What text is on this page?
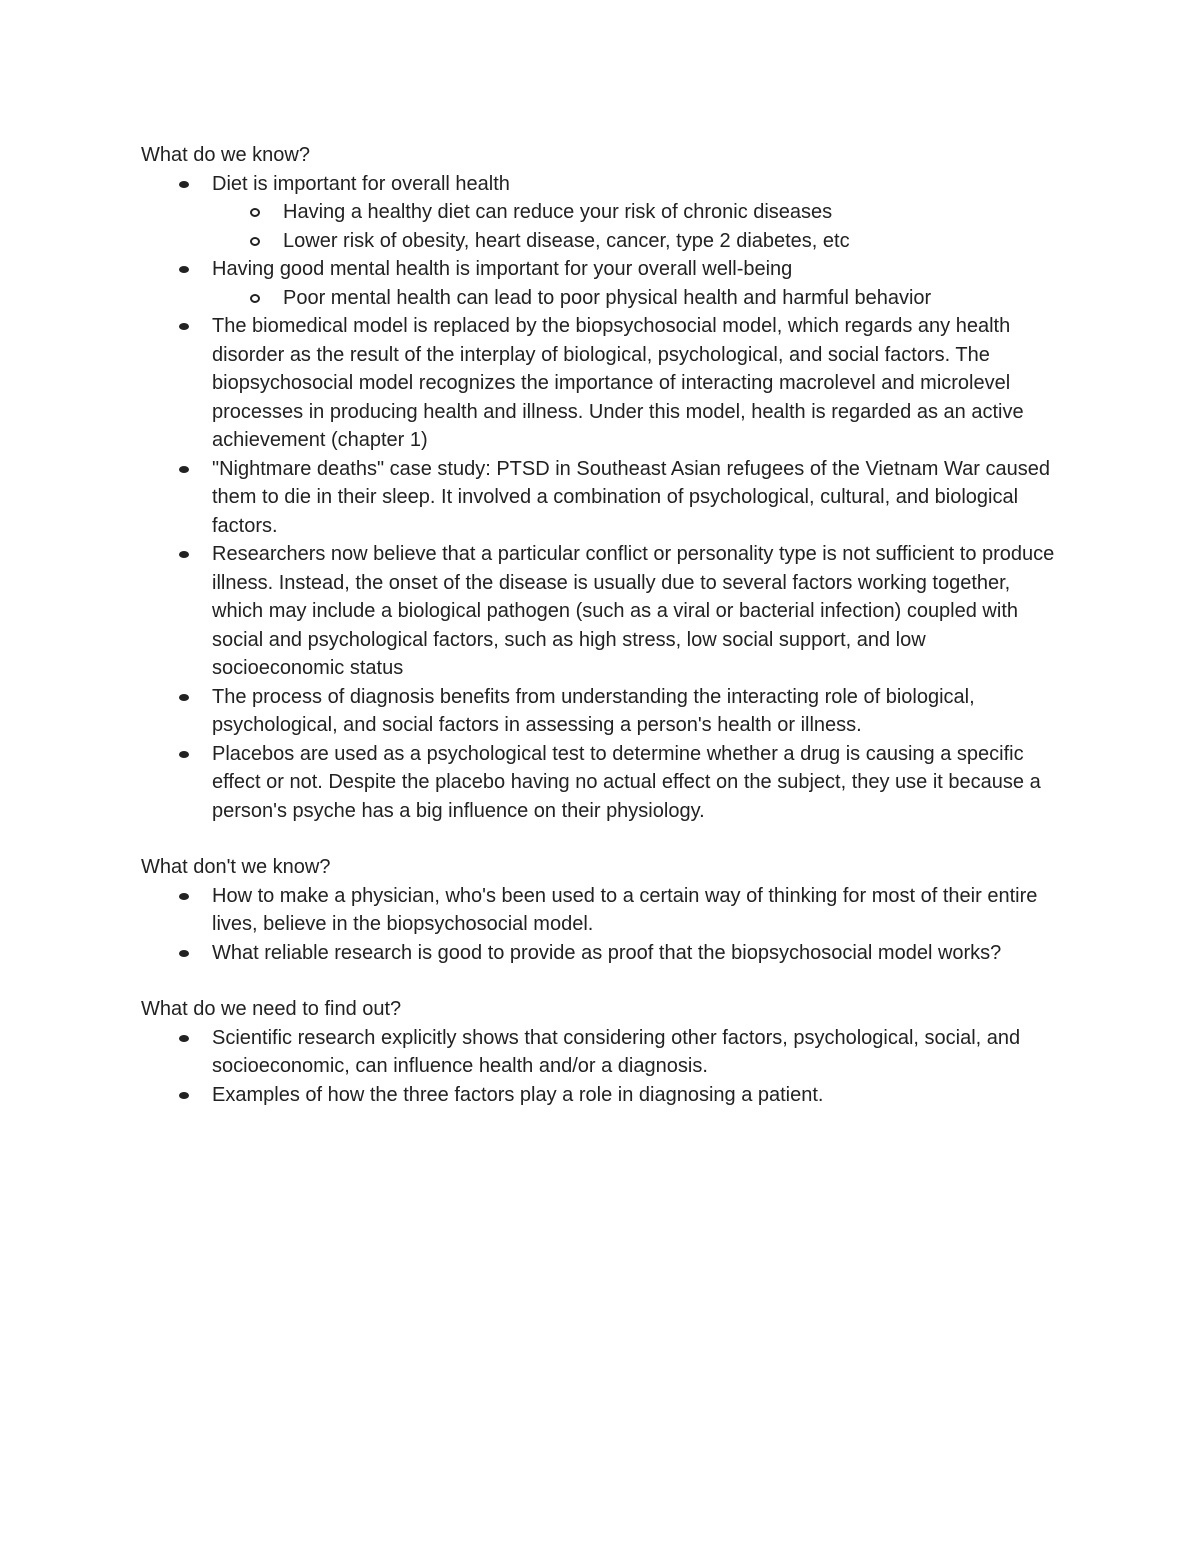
What do we know?

Diet is important for overall health
Having a healthy diet can reduce your risk of chronic diseases
Lower risk of obesity, heart disease, cancer, type 2 diabetes, etc
Having good mental health is important for your overall well-being
Poor mental health can lead to poor physical health and harmful behavior
The biomedical model is replaced by the biopsychosocial model, which regards any health disorder as the result of the interplay of biological, psychological, and social factors. The biopsychosocial model recognizes the importance of interacting macrolevel and microlevel processes in producing health and illness. Under this model, health is regarded as an active achievement (chapter 1)
"Nightmare deaths" case study: PTSD in Southeast Asian refugees of the Vietnam War caused them to die in their sleep. It involved a combination of psychological, cultural, and biological factors.
Researchers now believe that a particular conflict or personality type is not sufficient to produce illness. Instead, the onset of the disease is usually due to several factors working together, which may include a biological pathogen (such as a viral or bacterial infection) coupled with social and psychological factors, such as high stress, low social support, and low socioeconomic status
The process of diagnosis benefits from understanding the interacting role of biological, psychological, and social factors in assessing a person's health or illness.
Placebos are used as a psychological test to determine whether a drug is causing a specific effect or not. Despite the placebo having no actual effect on the subject, they use it because a person's psyche has a big influence on their physiology.

What don't we know?

How to make a physician, who's been used to a certain way of thinking for most of their entire lives, believe in the biopsychosocial model.
What reliable research is good to provide as proof that the biopsychosocial model works?

What do we need to find out?

Scientific research explicitly shows that considering other factors, psychological, social, and socioeconomic, can influence health and/or a diagnosis.
Examples of how the three factors play a role in diagnosing a patient.
